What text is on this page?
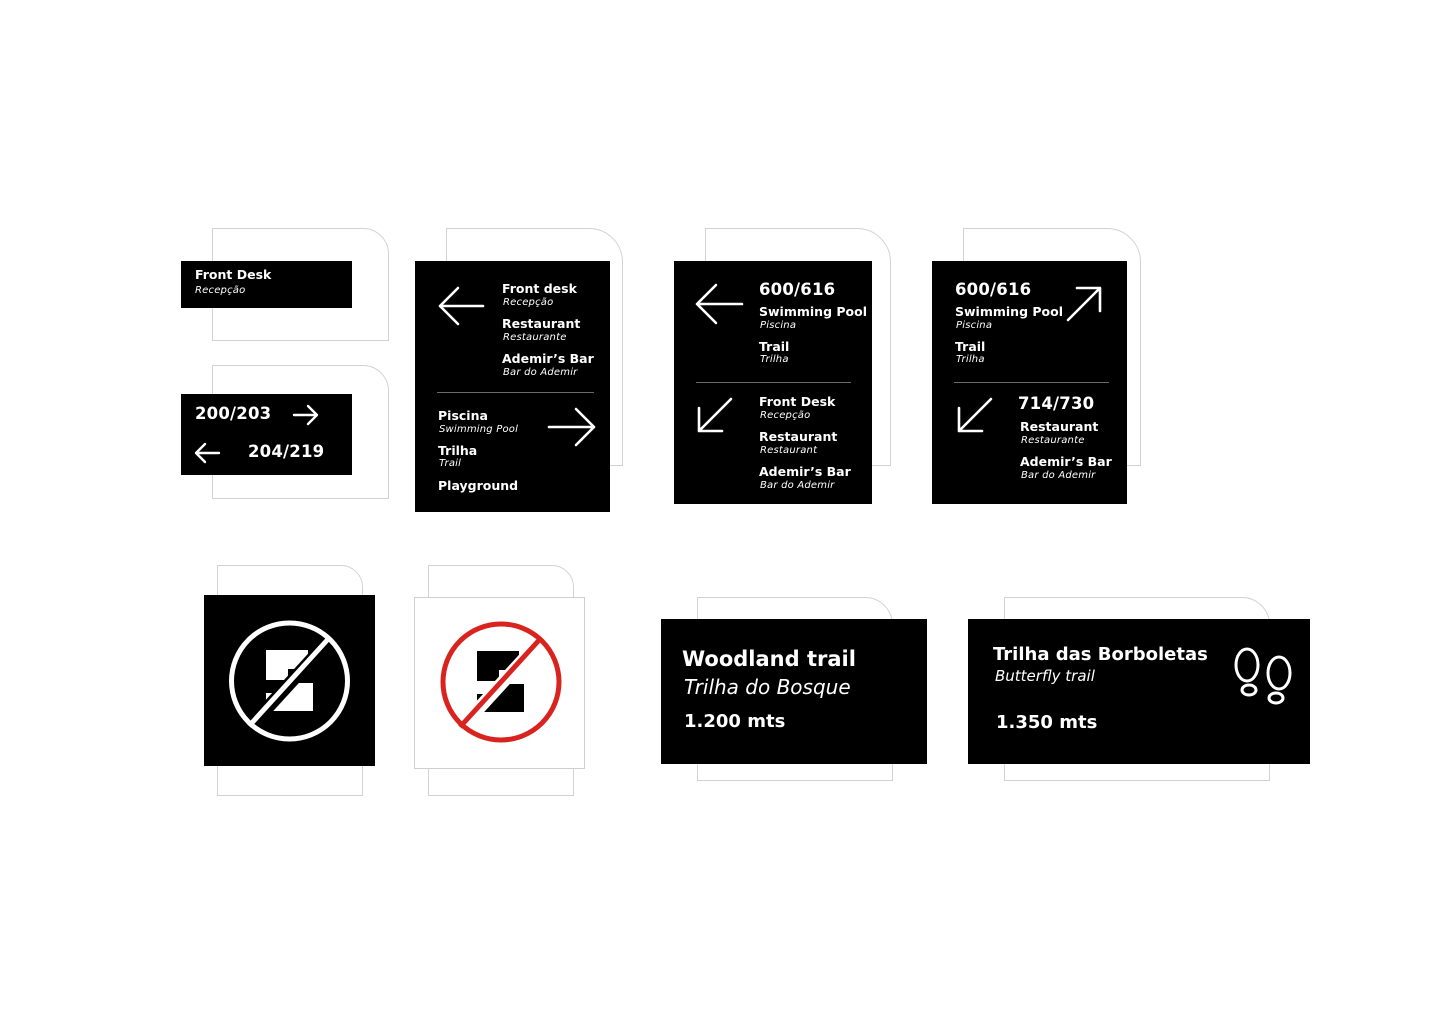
Front Desk
Recepção
200/203
204/219
Front desk
Recepção
Restaurant
Restaurante
Ademir’s Bar
Bar do Ademir
Piscina
Swimming Pool
Trilha
Trail
Playground
600/616
Swimming Pool
Piscina
Trail
Trilha
Front Desk
Recepção
Restaurant
Restaurant
Ademir’s Bar
Bar do Ademir
600/616
Swimming Pool
Piscina
Trail
Trilha
714/730
Restaurant
Restaurante
Ademir’s Bar
Bar do Ademir
Woodland trail
Trilha do Bosque
1.200 mts
Trilha das Borboletas
Butterfly trail
1.350 mts
